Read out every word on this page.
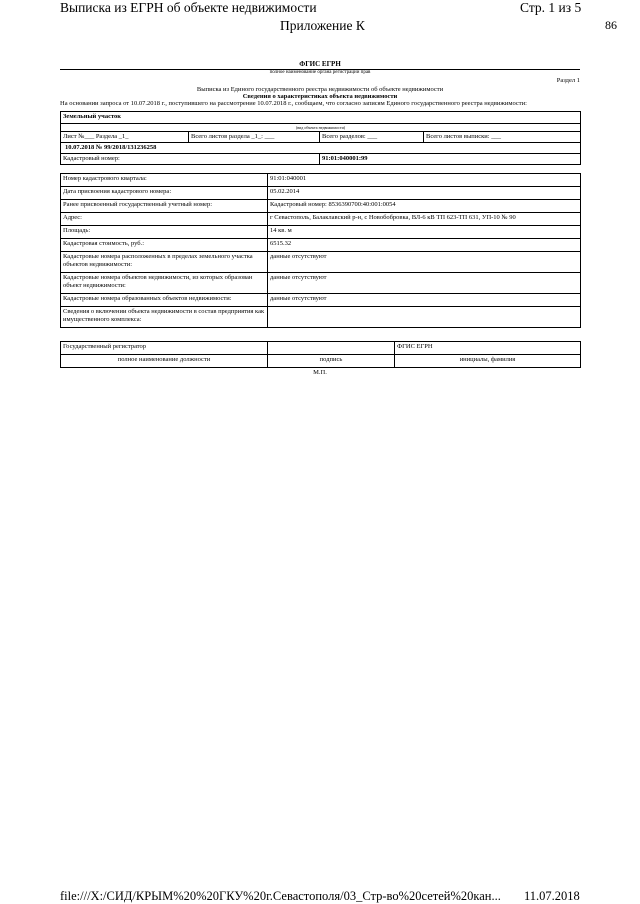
Выписка из ЕГРН об объекте недвижимости	Стр. 1 из 5
86
Приложение К
ФГИС ЕГРН
полное наименование органа регистрации прав
Раздел 1
Выписка из Единого государственного реестра недвижимости об объекте недвижимости
Сведения о характеристиках объекта недвижимости
На основании запроса от 10.07.2018 г., поступившего на рассмотрение 10.07.2018 г., сообщаем, что согласно записям Единого государственного реестра недвижимости:
Земельный участок			
(вид объекта недвижимости)			
Лист №___ Раздела _1_	Всего листов раздела _1_: ___	Всего разделов: ___	Всего листов выписки: ___
10.07.2018 № 99/2018/131236258			
Кадастровый номер:		91:01:040001:99	
Номер кадастрового квартала:	91:01:040001
Дата присвоения кадастрового номера:	05.02.2014
Ранее присвоенный государственный учетный номер:	Кадастровый номер: 8536390700:40:001:0054
Адрес:	г Севастополь, Балаклавский р-н, с Новобобровка, ВЛ-6 кВ ТП 623-ТП 631, УП-10 № 90
Площадь:	14 кв. м
Кадастровая стоимость, руб.:	6515.32
Кадастровые номера расположенных в пределах земельного участка объектов недвижимости:	данные отсутствуют
Кадастровые номера объектов недвижимости, из которых образован объект недвижимости:	данные отсутствуют
Кадастровые номера образованных объектов недвижимости:	данные отсутствуют
Сведения о включении объекта недвижимости в состав предприятия как имущественного комплекса:	
Государственный регистратор		ФГИС ЕГРН
полное наименование должности	подпись	инициалы, фамилия
М.П.
file:///X:/СИД/КРЫМ%20%20ГКУ%20г.Севастополя/03_Стр-во%20сетей%20кан... 11.07.2018
